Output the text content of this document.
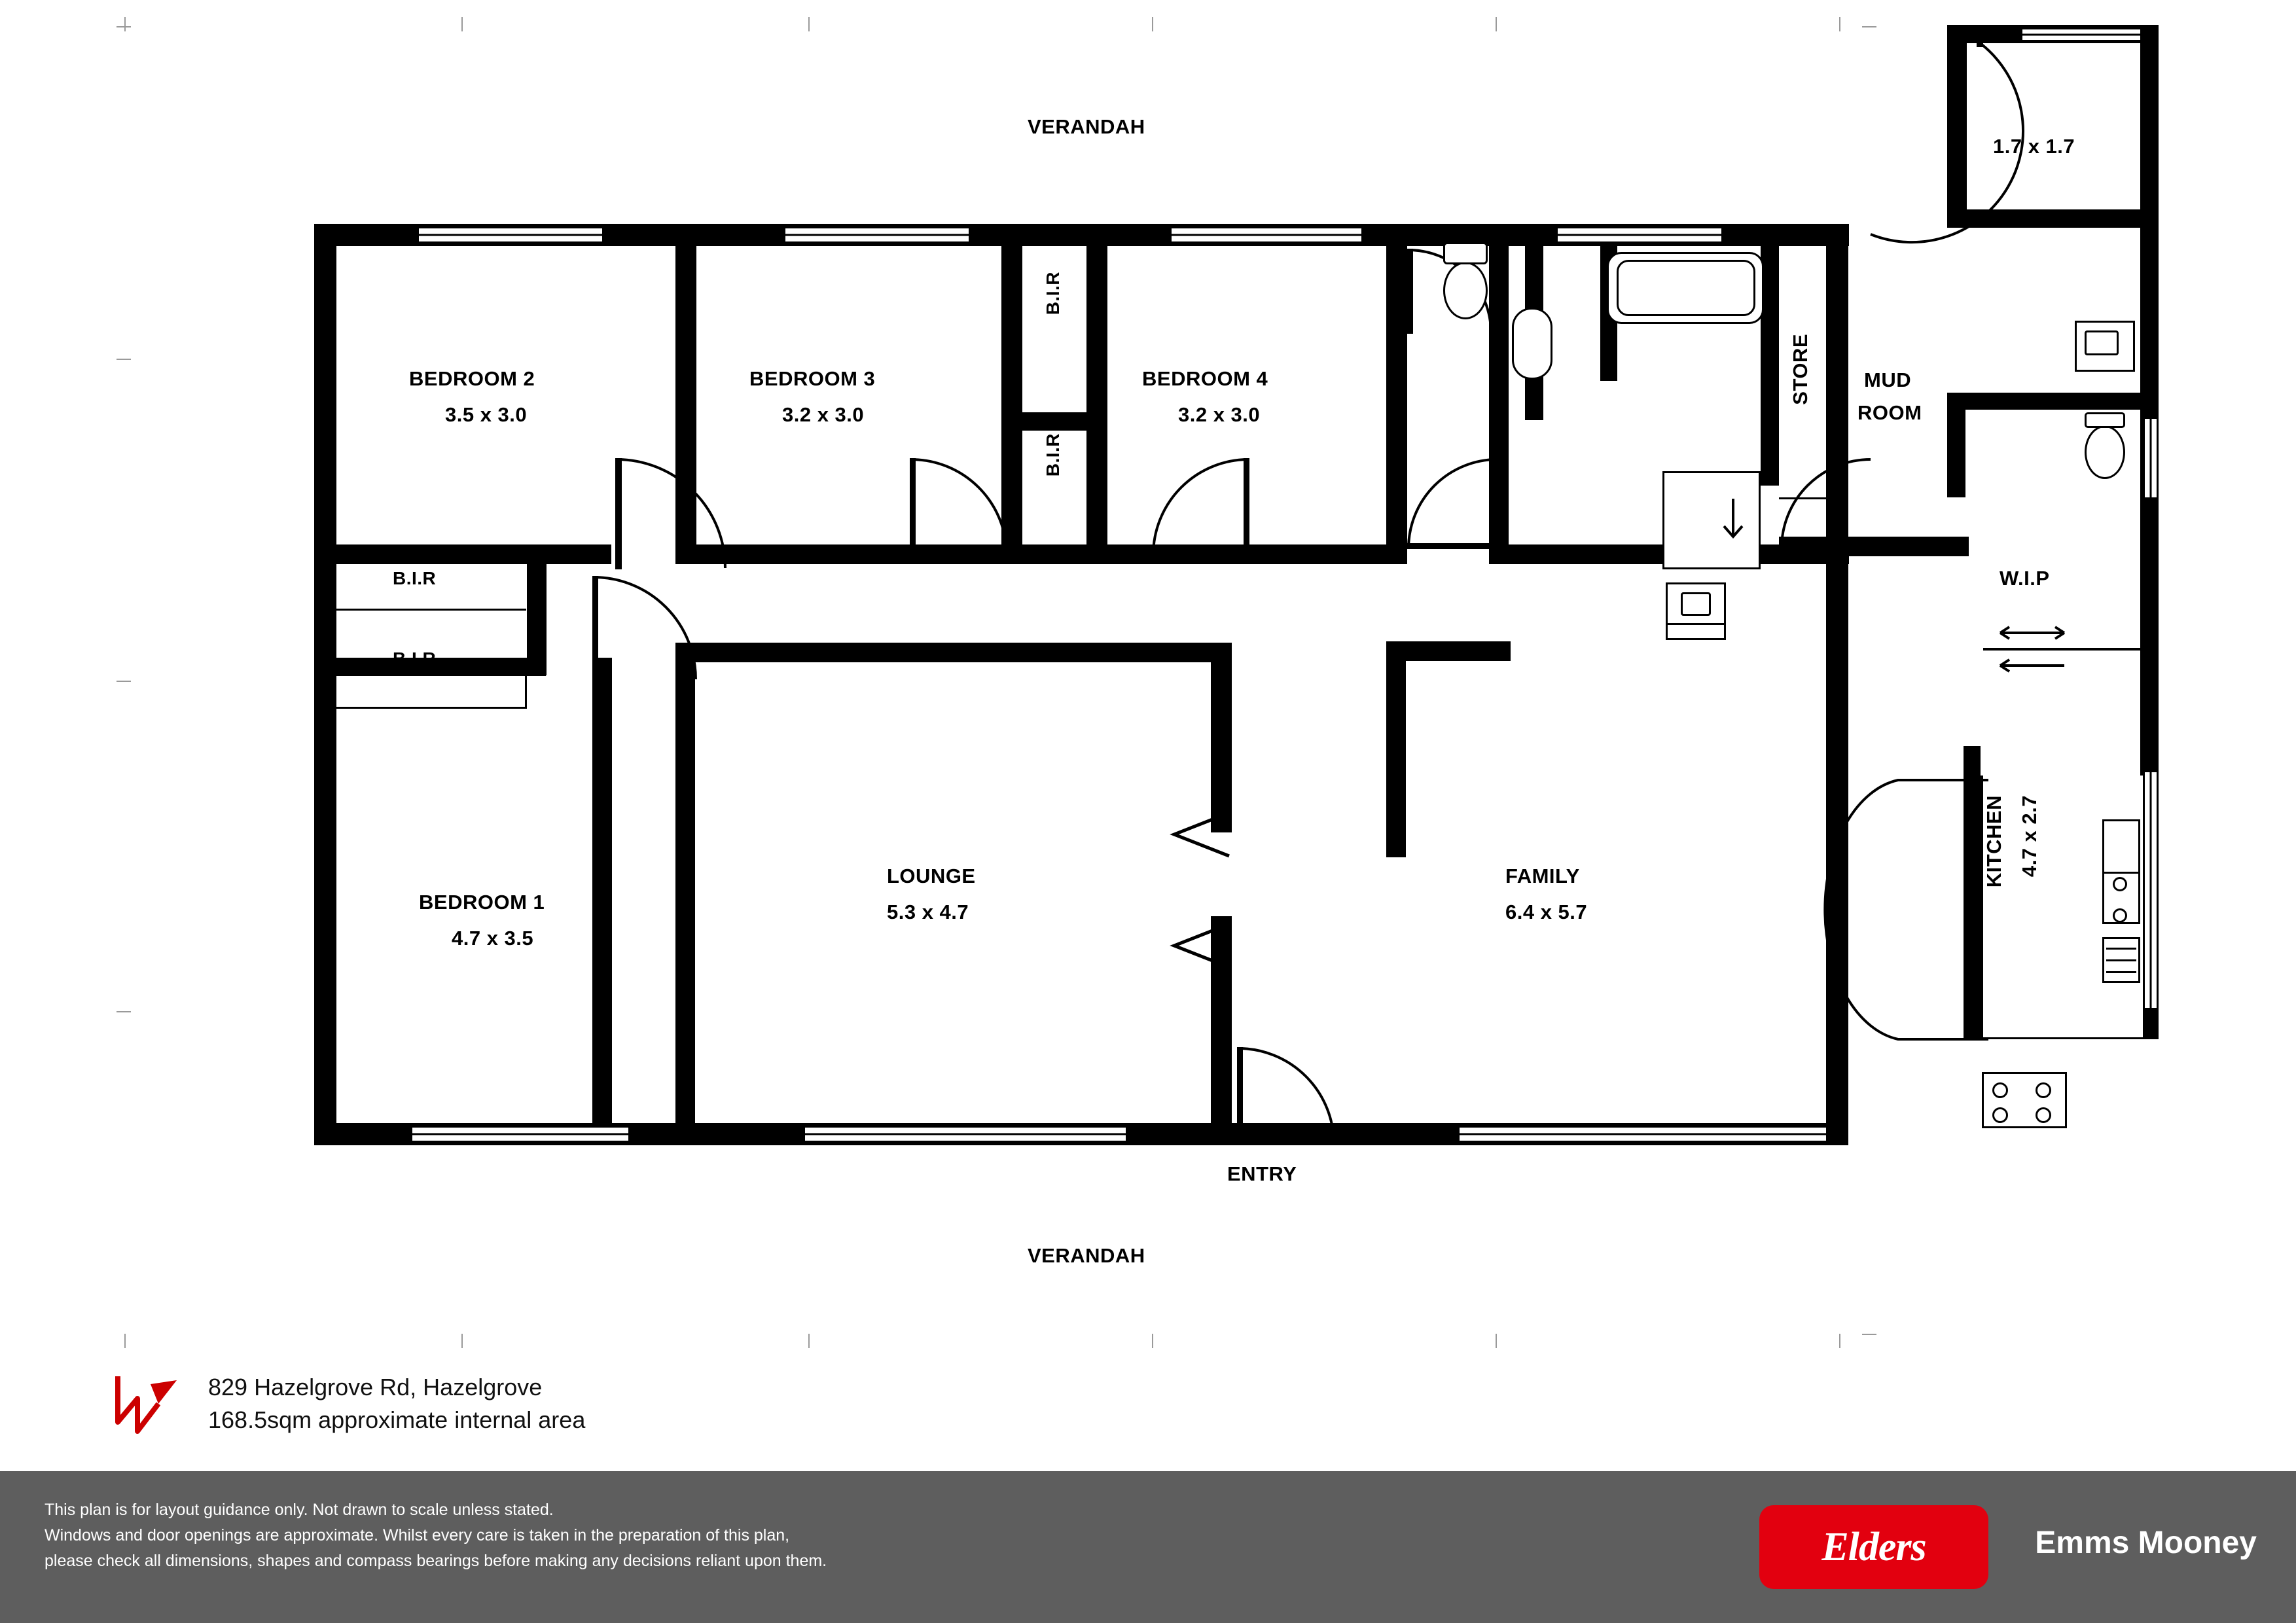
VERANDAH
VERANDAH
ENTRY
BEDROOM 2
3.5 x 3.0
BEDROOM 3
3.2 x 3.0
BEDROOM 4
3.2 x 3.0
BEDROOM 1
4.7 x 3.5
LOUNGE
5.3 x 4.7
FAMILY
6.4 x 5.7
KITCHEN 4.7 x 2.7
MUD
ROOM
STORE
W.I.P
1.7 x 1.7
B.I.R
B.I.R
B.I.R
B.I.R
829 Hazelgrove Rd, Hazelgrove
168.5sqm approximate internal area
This plan is for layout guidance only. Not drawn to scale unless stated.
Windows and door openings are approximate. Whilst every care is taken in the preparation of this plan,
please check all dimensions, shapes and compass bearings before making any decisions reliant upon them.	Elders	Emms Mooney
